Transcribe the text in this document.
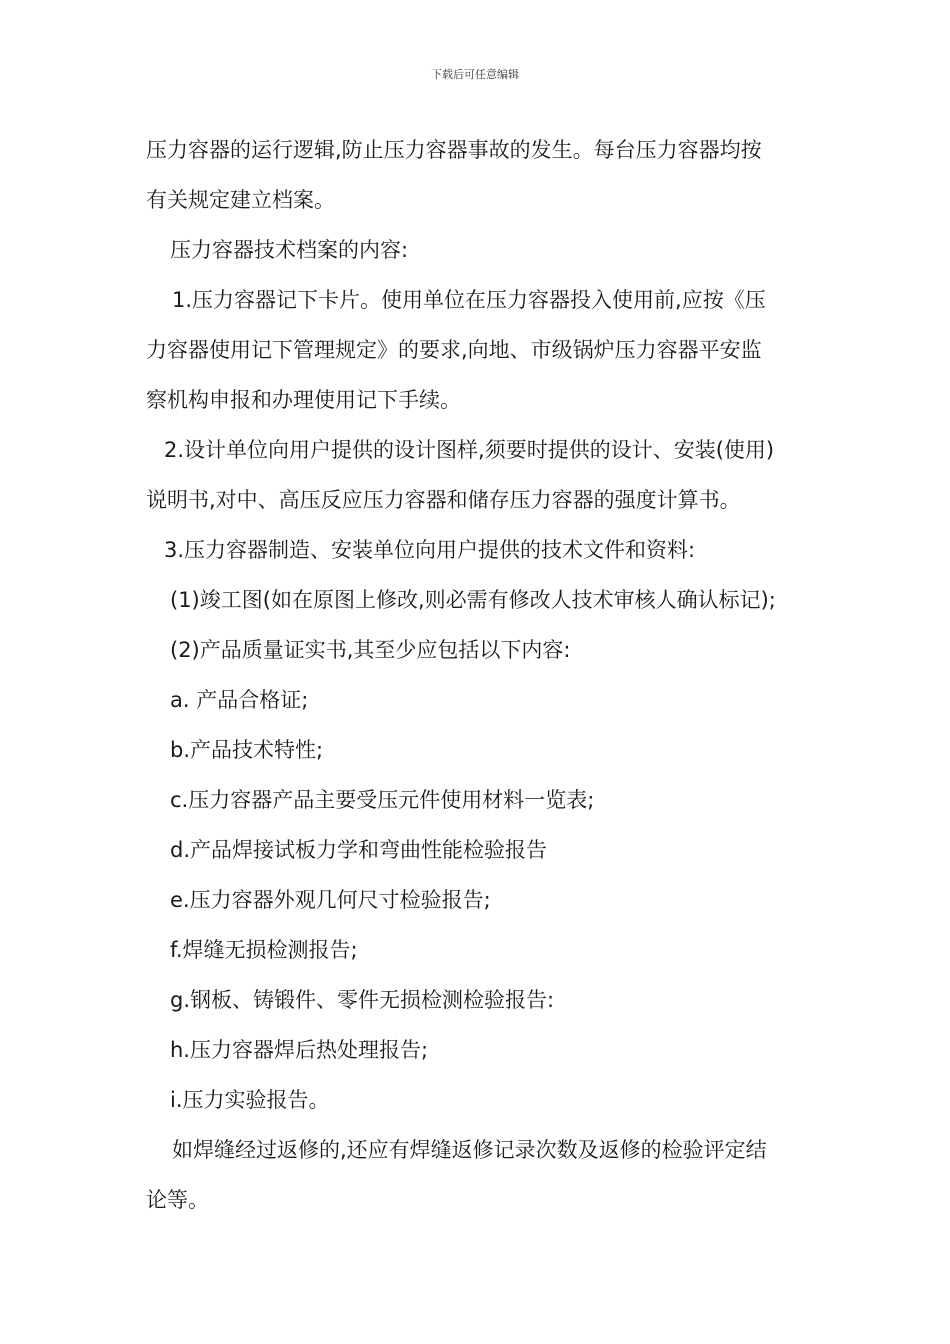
下载后可任意编辑
压力容器的运行逻辑,防止压力容器事故的发生。每台压力容器均按
有关规定建立档案。
压力容器技术档案的内容:
1.压力容器记下卡片。使用单位在压力容器投入使用前,应按《压
力容器使用记下管理规定》的要求,向地、市级锅炉压力容器平安监
察机构申报和办理使用记下手续。
2.设计单位向用户提供的设计图样,须要时提供的设计、安装(使用)
说明书,对中、高压反应压力容器和储存压力容器的强度计算书。
3.压力容器制造、安装单位向用户提供的技术文件和资料:
(1)竣工图(如在原图上修改,则必需有修改人技术审核人确认标记);
(2)产品质量证实书,其至少应包括以下内容:
a. 产品合格证;
b.产品技术特性;
c.压力容器产品主要受压元件使用材料一览表;
d.产品焊接试板力学和弯曲性能检验报告
e.压力容器外观几何尺寸检验报告;
f.焊缝无损检测报告;
g.钢板、铸锻件、零件无损检测检验报告:
h.压力容器焊后热处理报告;
i.压力实验报告。
如焊缝经过返修的,还应有焊缝返修记录次数及返修的检验评定结
论等。
